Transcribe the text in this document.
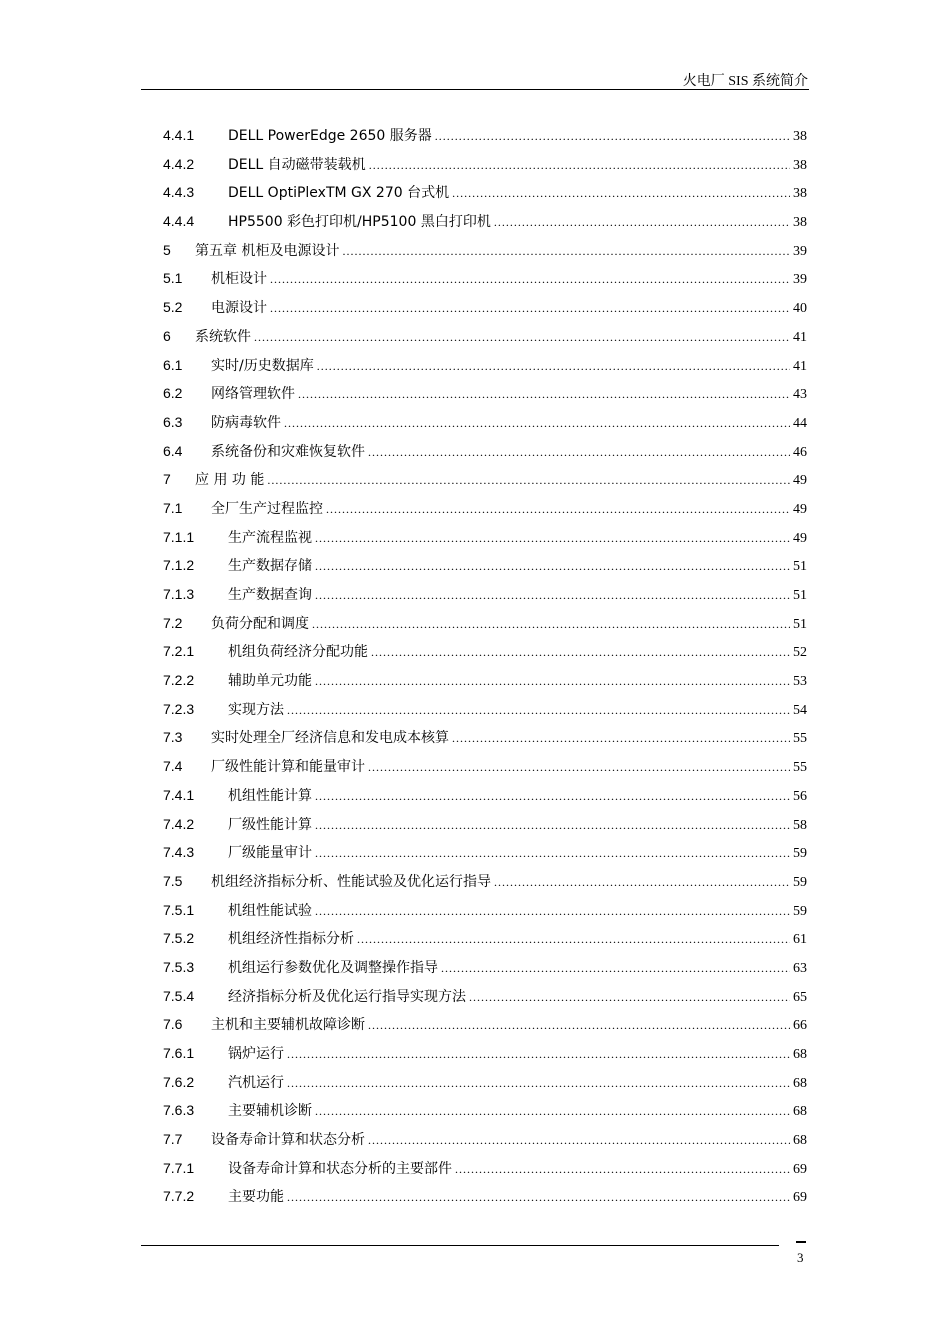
火电厂 SIS 系统简介
4.4.1	DELL PowerEdge 2650 服务器 .....	38
4.4.2	DELL 自动磁带装载机 .....	38
4.4.3	DELL OptiPlexTM GX 270 台式机 .....	38
4.4.4	HP5500 彩色打印机/HP5100 黑白打印机 .....	38
5	第五章 机柜及电源设计 .....	39
5.1	机柜设计 .....	39
5.2	电源设计 .....	40
6	系统软件 .....	41
6.1	实时/历史数据库 .....	41
6.2	网络管理软件 .....	43
6.3	防病毒软件 .....	44
6.4	系统备份和灾难恢复软件 .....	46
7	应 用 功 能 .....	49
7.1	全厂生产过程监控 .....	49
7.1.1	生产流程监视 .....	49
7.1.2	生产数据存储 .....	51
7.1.3	生产数据查询 .....	51
7.2	负荷分配和调度 .....	51
7.2.1	机组负荷经济分配功能 .....	52
7.2.2	辅助单元功能 .....	53
7.2.3	实现方法 .....	54
7.3	实时处理全厂经济信息和发电成本核算 .....	55
7.4	厂级性能计算和能量审计 .....	55
7.4.1	机组性能计算 .....	56
7.4.2	厂级性能计算 .....	58
7.4.3	厂级能量审计 .....	59
7.5	机组经济指标分析、性能试验及优化运行指导 .....	59
7.5.1	机组性能试验 .....	59
7.5.2	机组经济性指标分析 .....	61
7.5.3	机组运行参数优化及调整操作指导 .....	63
7.5.4	经济指标分析及优化运行指导实现方法 .....	65
7.6	主机和主要辅机故障诊断 .....	66
7.6.1	锅炉运行 .....	68
7.6.2	汽机运行 .....	68
7.6.3	主要辅机诊断 .....	68
7.7	设备寿命计算和状态分析 .....	68
7.7.1	设备寿命计算和状态分析的主要部件 .....	69
7.7.2	主要功能 .....	69
3
